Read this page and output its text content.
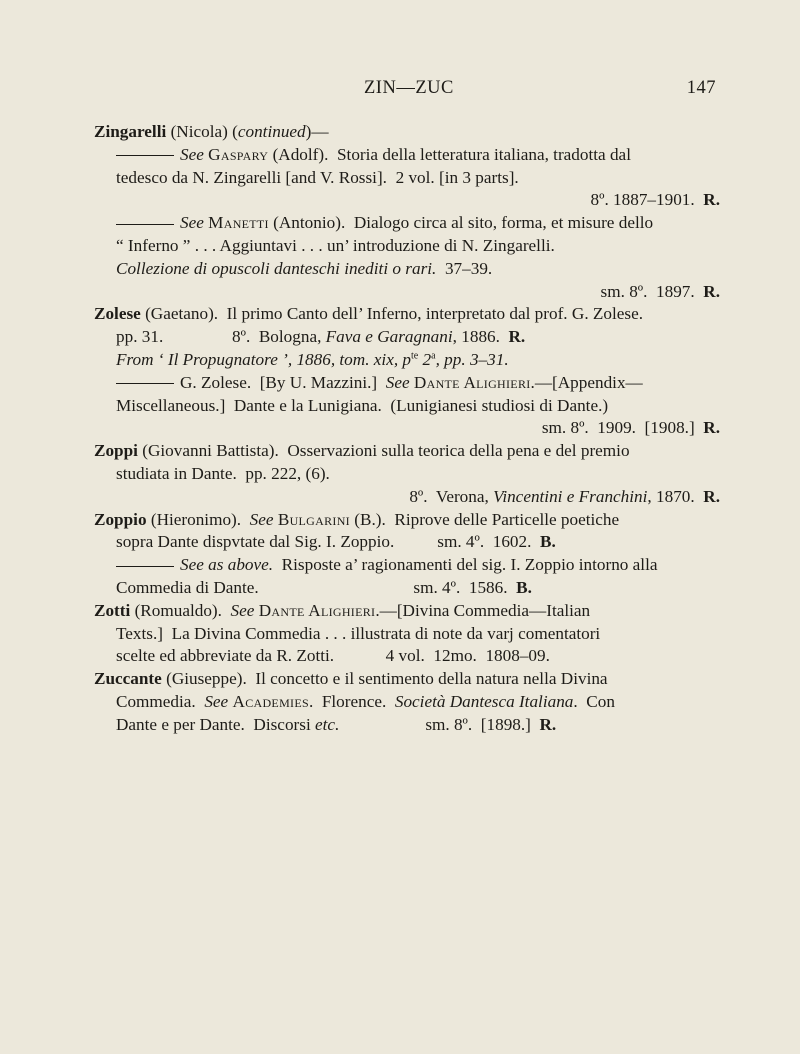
ZIN—ZUC	147
Zingarelli (Nicola) (continued)—
See Gaspary (Adolf).  Storia della letteratura italiana, tradotta dal
tedesco da N. Zingarelli [and V. Rossi].  2 vol. [in 3 parts].
8º. 1887–1901.  R.
See Manetti (Antonio).  Dialogo circa al sito, forma, et misure dello
“ Inferno ” . . . Aggiuntavi . . . un’ introduzione di N. Zingarelli.
Collezione di opuscoli danteschi inediti o rari.  37–39.
sm. 8º.  1897.  R.
Zolese (Gaetano).  Il primo Canto dell’ Inferno, interpretato dal prof. G. Zolese.
pp. 31.                8º.  Bologna, Fava e Garagnani, 1886.  R.
From ‘ Il Propugnatore ’, 1886, tom. xix, $p^{te}$ 2$^a$, pp. 3–31.
G. Zolese.  [By U. Mazzini.]  See Dante Alighieri.—[Appendix—
Miscellaneous.]  Dante e la Lunigiana.  (Lunigianesi studiosi di Dante.)
sm. 8º.  1909.  [1908.]  R.
Zoppi (Giovanni Battista).  Osservazioni sulla teorica della pena e del premio
studiata in Dante.  pp. 222, (6).
8º.  Verona, Vincentini e Franchini, 1870.  R.
Zoppio (Hieronimo).  See Bulgarini (B.).  Riprove delle Particelle poetiche
sopra Dante dispvtate dal Sig. I. Zoppio.          sm. 4º.  1602.  B.
See as above.  Risposte a’ ragionamenti del sig. I. Zoppio intorno alla
Commedia di Dante.                                    sm. 4º.  1586.  B.
Zotti (Romualdo).  See Dante Alighieri.—[Divina Commedia—Italian
Texts.]  La Divina Commedia . . . illustrata di note da varj comentatori
scelte ed abbreviate da R. Zotti.            4 vol.  12mo.  1808–09.
Zuccante (Giuseppe).  Il concetto e il sentimento della natura nella Divina
Commedia.  See Academies.  Florence.  Società Dantesca Italiana.  Con
Dante e per Dante.  Discorsi etc.                    sm. 8º.  [1898.]  R.
